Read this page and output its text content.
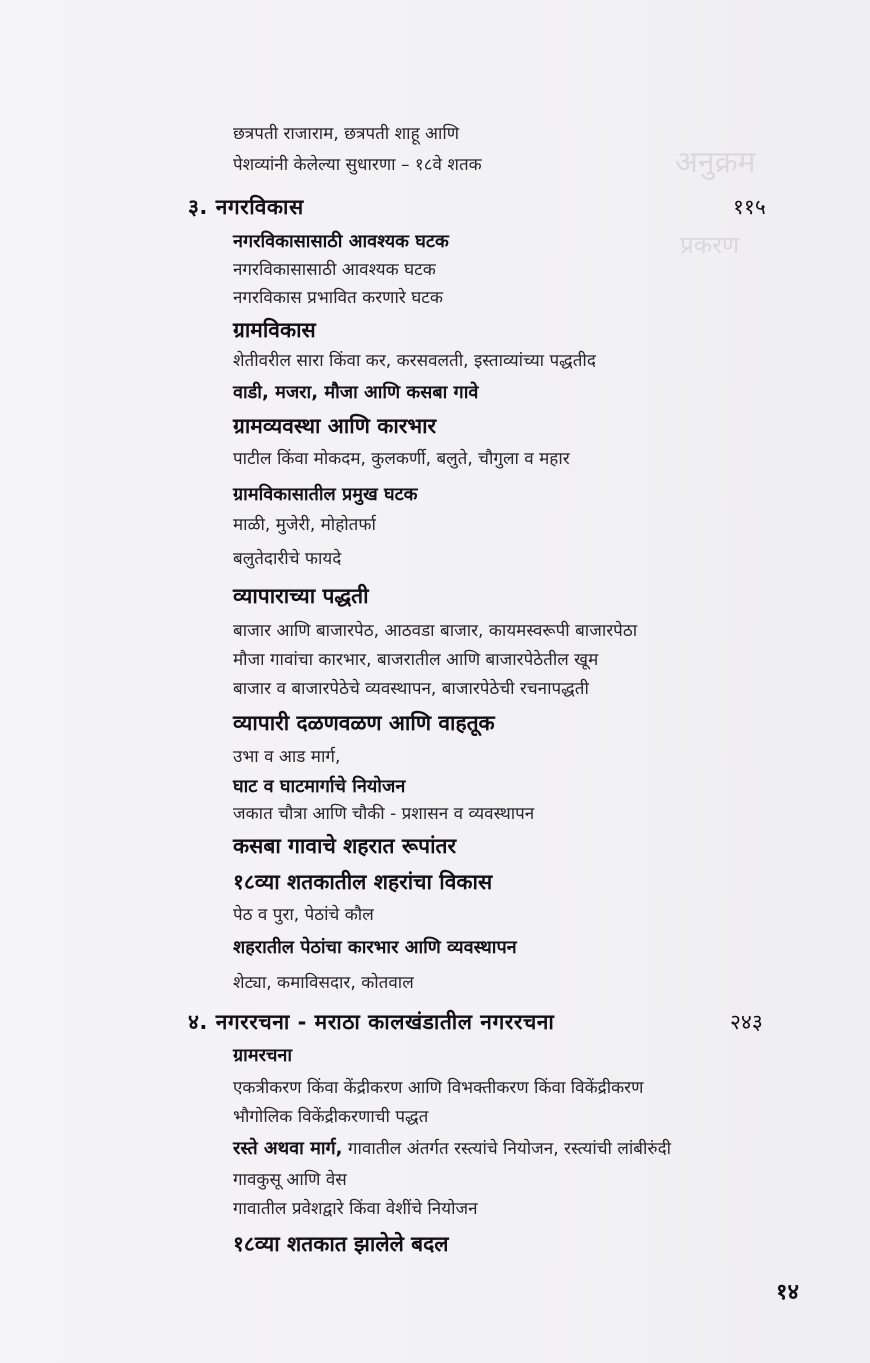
अनुक्रम
प्रकरण
छत्रपती राजाराम, छत्रपती शाहू आणि
पेशव्यांनी केलेल्या सुधारणा – १८वे शतक
३. नगरविकास	११५
नगरविकासासाठी आवश्यक घटक
नगरविकासासाठी आवश्यक घटक
नगरविकास प्रभावित करणारे घटक
ग्रामविकास
शेतीवरील सारा किंवा कर, करसवलती, इस्ताव्यांच्या पद्धतीद
वाडी, मजरा, मौजा आणि कसबा गावे
ग्रामव्यवस्था आणि कारभार
पाटील किंवा मोकदम, कुलकर्णी, बलुते, चौगुला व महार
ग्रामविकासातील प्रमुख घटक
माळी, मुजेरी, मोहोतर्फा
बलुतेदारीचे फायदे
व्यापाराच्या पद्धती
बाजार आणि बाजारपेठ, आठवडा बाजार, कायमस्वरूपी बाजारपेठा
मौजा गावांचा कारभार, बाजरातील आणि बाजारपेठेतील खूम
बाजार व बाजारपेठेचे व्यवस्थापन, बाजारपेठेची रचनापद्धती
व्यापारी दळणवळण आणि वाहतूक
उभा व आड मार्ग,
घाट व घाटमार्गाचे नियोजन
जकात चौत्रा आणि चौकी - प्रशासन व व्यवस्थापन
कसबा गावाचे शहरात रूपांतर
१८व्या शतकातील शहरांचा विकास
पेठ व पुरा, पेठांचे कौल
शहरातील पेठांचा कारभार आणि व्यवस्थापन
शेट्या, कमाविसदार, कोतवाल
४. नगररचना - मराठा कालखंडातील नगररचना	२४३
ग्रामरचना
एकत्रीकरण किंवा केंद्रीकरण आणि विभक्तीकरण किंवा विकेंद्रीकरण
भौगोलिक विकेंद्रीकरणाची पद्धत
रस्ते अथवा मार्ग, गावातील अंतर्गत रस्त्यांचे नियोजन, रस्त्यांची लांबीरुंदी
गावकुसू आणि वेस
गावातील प्रवेशद्वारे किंवा वेशींचे नियोजन
१८व्या शतकात झालेले बदल
१४
